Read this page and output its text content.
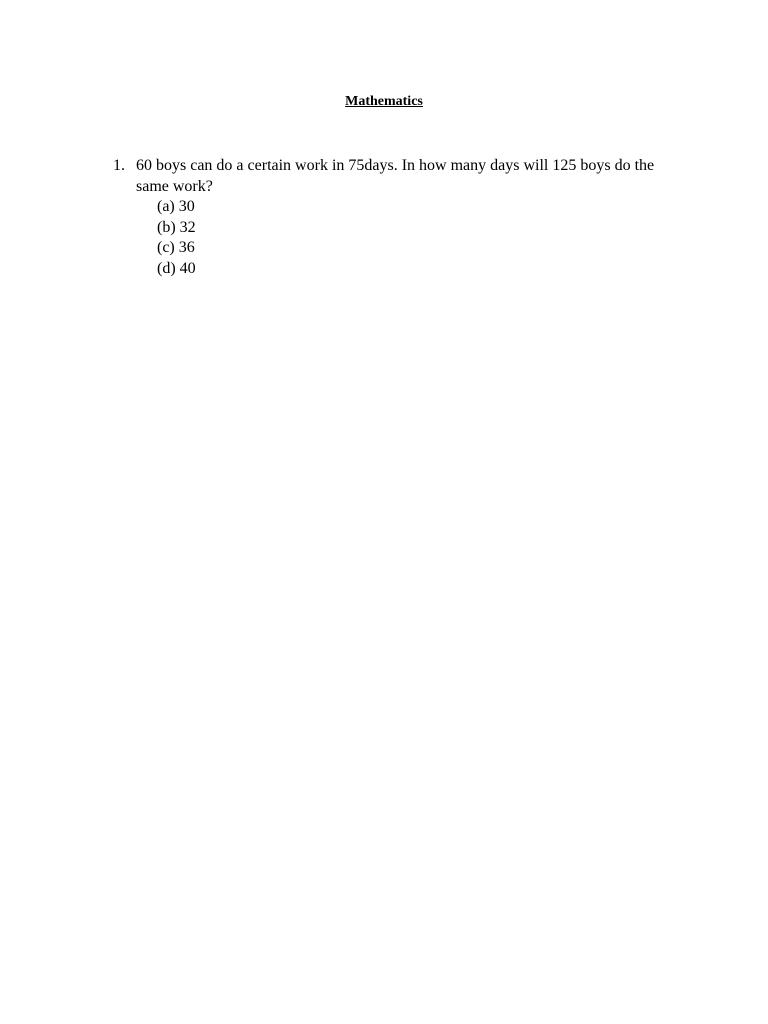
Mathematics
1. 60 boys can do a certain work in 75days. In how many days will 125 boys do the same work?
(a) 30
(b) 32
(c) 36
(d) 40
